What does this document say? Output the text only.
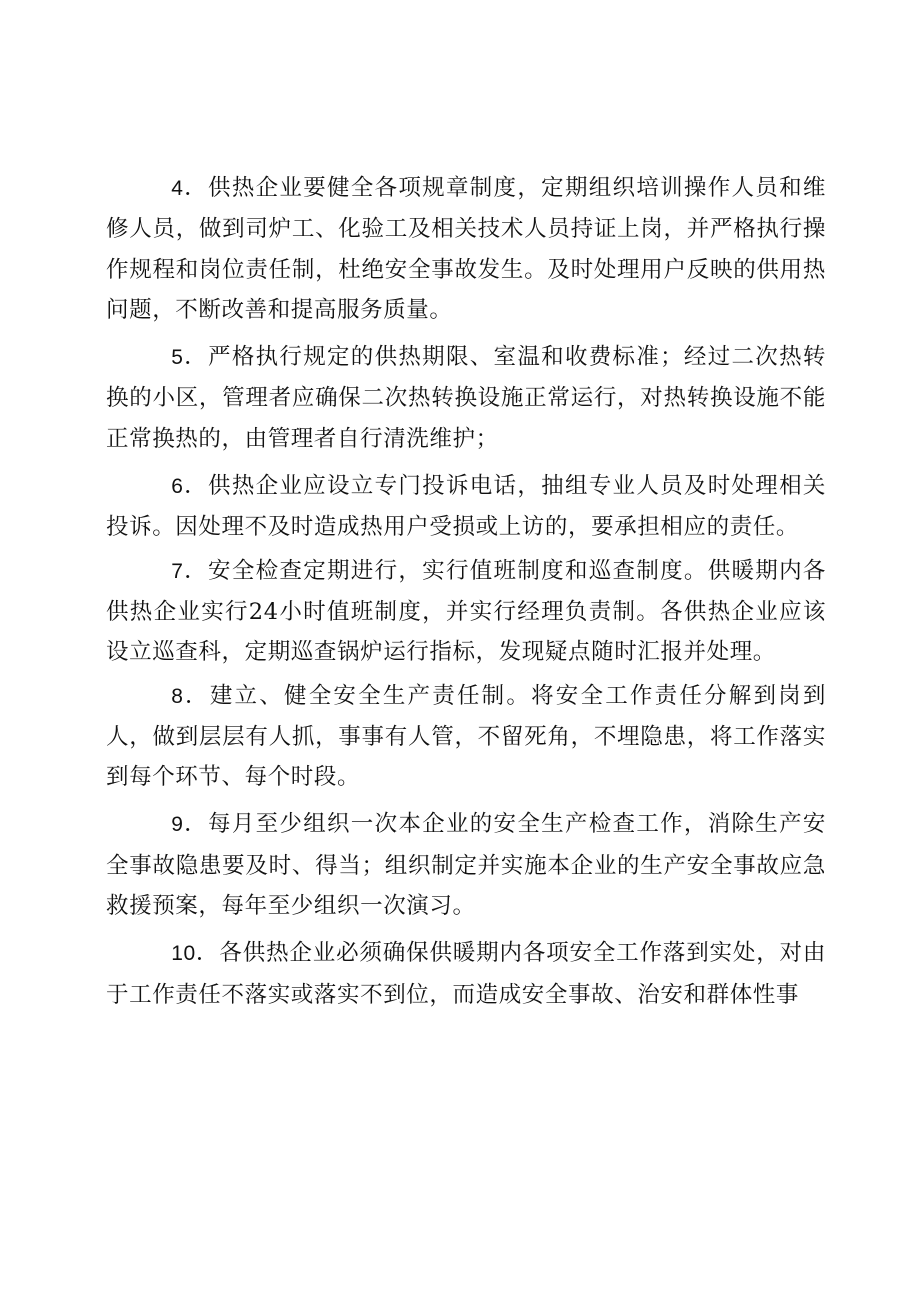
4．供热企业要健全各项规章制度，定期组织培训操作人员和维修人员，做到司炉工、化验工及相关技术人员持证上岗，并严格执行操作规程和岗位责任制，杜绝安全事故发生。及时处理用户反映的供用热问题，不断改善和提高服务质量。

5．严格执行规定的供热期限、室温和收费标准；经过二次热转换的小区，管理者应确保二次热转换设施正常运行，对热转换设施不能正常换热的，由管理者自行清洗维护；

6．供热企业应设立专门投诉电话，抽组专业人员及时处理相关投诉。因处理不及时造成热用户受损或上访的，要承担相应的责任。

7．安全检查定期进行，实行值班制度和巡查制度。供暖期内各供热企业实行24小时值班制度，并实行经理负责制。各供热企业应该设立巡查科，定期巡查锅炉运行指标，发现疑点随时汇报并处理。

8．建立、健全安全生产责任制。将安全工作责任分解到岗到人，做到层层有人抓，事事有人管，不留死角，不埋隐患，将工作落实到每个环节、每个时段。

9．每月至少组织一次本企业的安全生产检查工作，消除生产安全事故隐患要及时、得当；组织制定并实施本企业的生产安全事故应急救援预案，每年至少组织一次演习。

10．各供热企业必须确保供暖期内各项安全工作落到实处，对由于工作责任不落实或落实不到位，而造成安全事故、治安和群体性事
